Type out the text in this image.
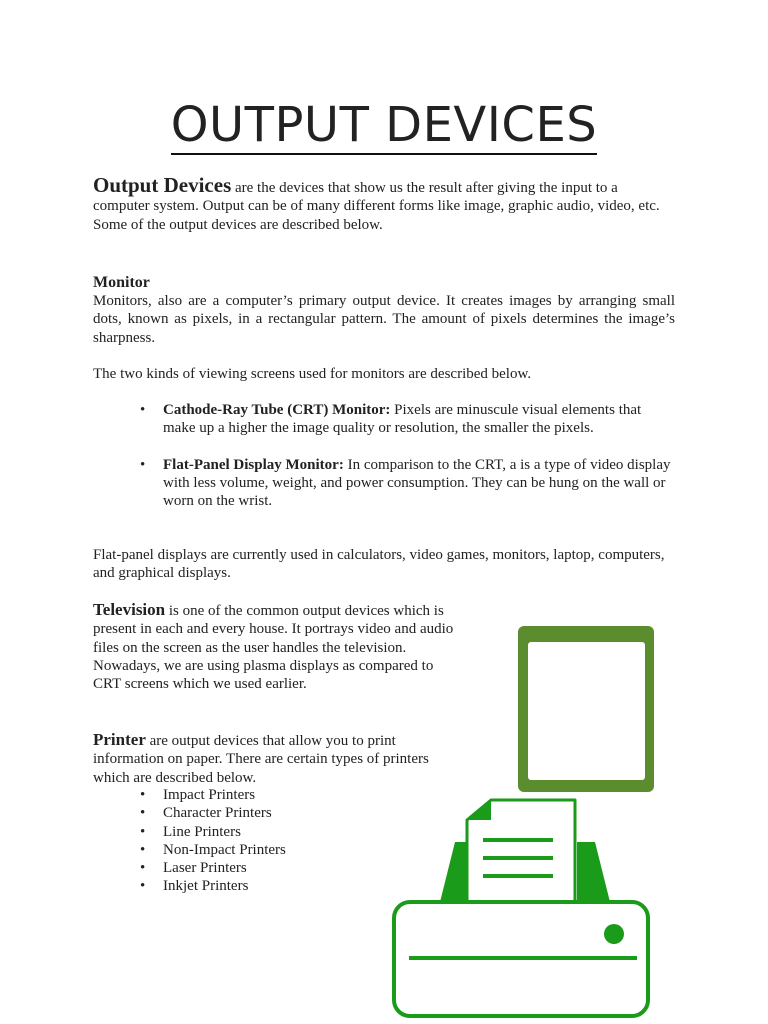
OUTPUT DEVICES
Output Devices are the devices that show us the result after giving the input to a computer system. Output can be of many different forms like image, graphic audio, video, etc. Some of the output devices are described below.
Monitor
Monitors, also are a computer’s primary output device. It creates images by arranging small dots, known as pixels, in a rectangular pattern. The amount of pixels determines the image’s sharpness.
The two kinds of viewing screens used for monitors are described below.
• Cathode-Ray Tube (CRT) Monitor: Pixels are minuscule visual elements that make up a higher the image quality or resolution, the smaller the pixels.
• Flat-Panel Display Monitor: In comparison to the CRT, a is a type of video display with less volume, weight, and power consumption. They can be hung on the wall or worn on the wrist.
Flat-panel displays are currently used in calculators, video games, monitors, laptop, computers, and graphical displays.
Television is one of the common output devices which is present in each and every house. It portrays video and audio files on the screen as the user handles the television. Nowadays, we are using plasma displays as compared to CRT screens which we used earlier.
Printer are output devices that allow you to print information on paper. There are certain types of printers which are described below.
• Impact Printers
• Character Printers
• Line Printers
• Non-Impact Printers
• Laser Printers
• Inkjet Printers
